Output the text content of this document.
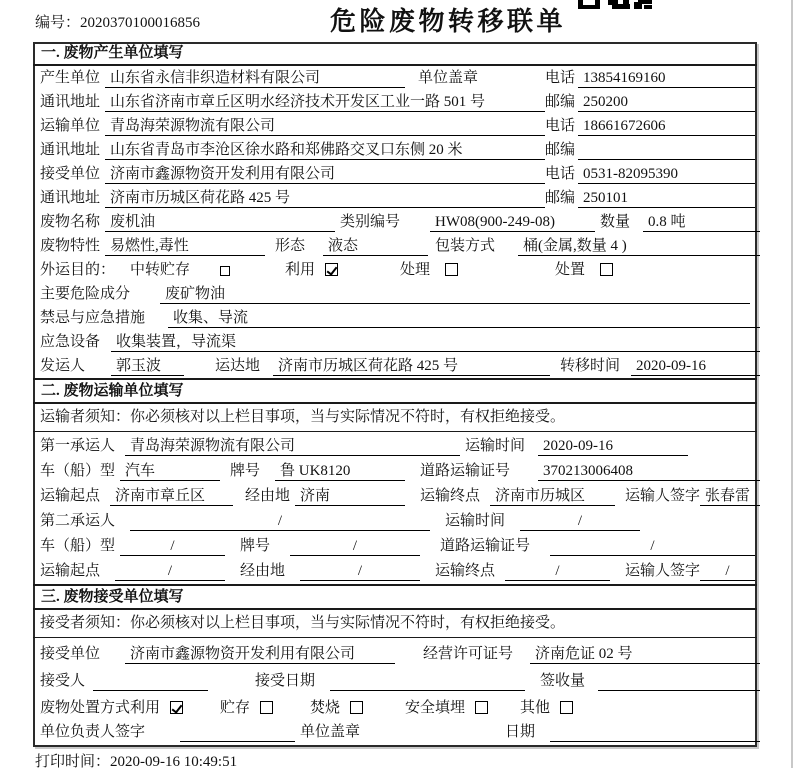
编号：2020370100016856	危险废物转移联单
一. 废物产生单位填写
产生单位 山东省永信非织造材料有限公司	单位盖章	电话 13854169160
通讯地址 山东省济南市章丘区明水经济技术开发区工业一路 501 号	邮编 250200
运输单位 青岛海荣源物流有限公司	电话 18661672606
通讯地址 山东省青岛市李沧区徐水路和郑佛路交叉口东侧 20 米	邮编
接受单位 济南市鑫源物资开发利用有限公司	电话 0531-82095390
通讯地址 济南市历城区荷花路 425 号	邮编 250101
废物名称 废机油	类别编号	HW08(900-249-08)	数量	0.8 吨
废物特性 易燃性,毒性	形态	液态	包装方式	桶(金属,数量 4 )
外运目的： 中转贮存	利用	处理	处置
主要危险成分	废矿物油
禁忌与应急措施	收集、导流
应急设备	收集装置，导流渠
发运人	郭玉波	运达地	济南市历城区荷花路 425 号	转移时间	2020-09-16
二. 废物运输单位填写
运输者须知：你必须核对以上栏目事项，当与实际情况不符时，有权拒绝接受。
第一承运人 青岛海荣源物流有限公司	运输时间	2020-09-16
车（船）型 汽车	牌号	鲁 UK8120	道路运输证号	370213006408
运输起点 济南市章丘区	经由地 济南	运输终点 济南市历城区	运输人签字 张春雷
第二承运人	/	运输时间	/
车（船）型	/	牌号	/	道路运输证号	/
运输起点	/	经由地	/	运输终点	/	运输人签字	/
三. 废物接受单位填写
接受者须知：你必须核对以上栏目事项，当与实际情况不符时，有权拒绝接受。
接受单位	济南市鑫源物资开发利用有限公司	经营许可证号	济南危证 02 号
接受人	接受日期	签收量
废物处置方式 利用	贮存	焚烧	安全填埋	其他
单位负责人签字	单位盖章	日期
打印时间：2020-09-16 10:49:51
